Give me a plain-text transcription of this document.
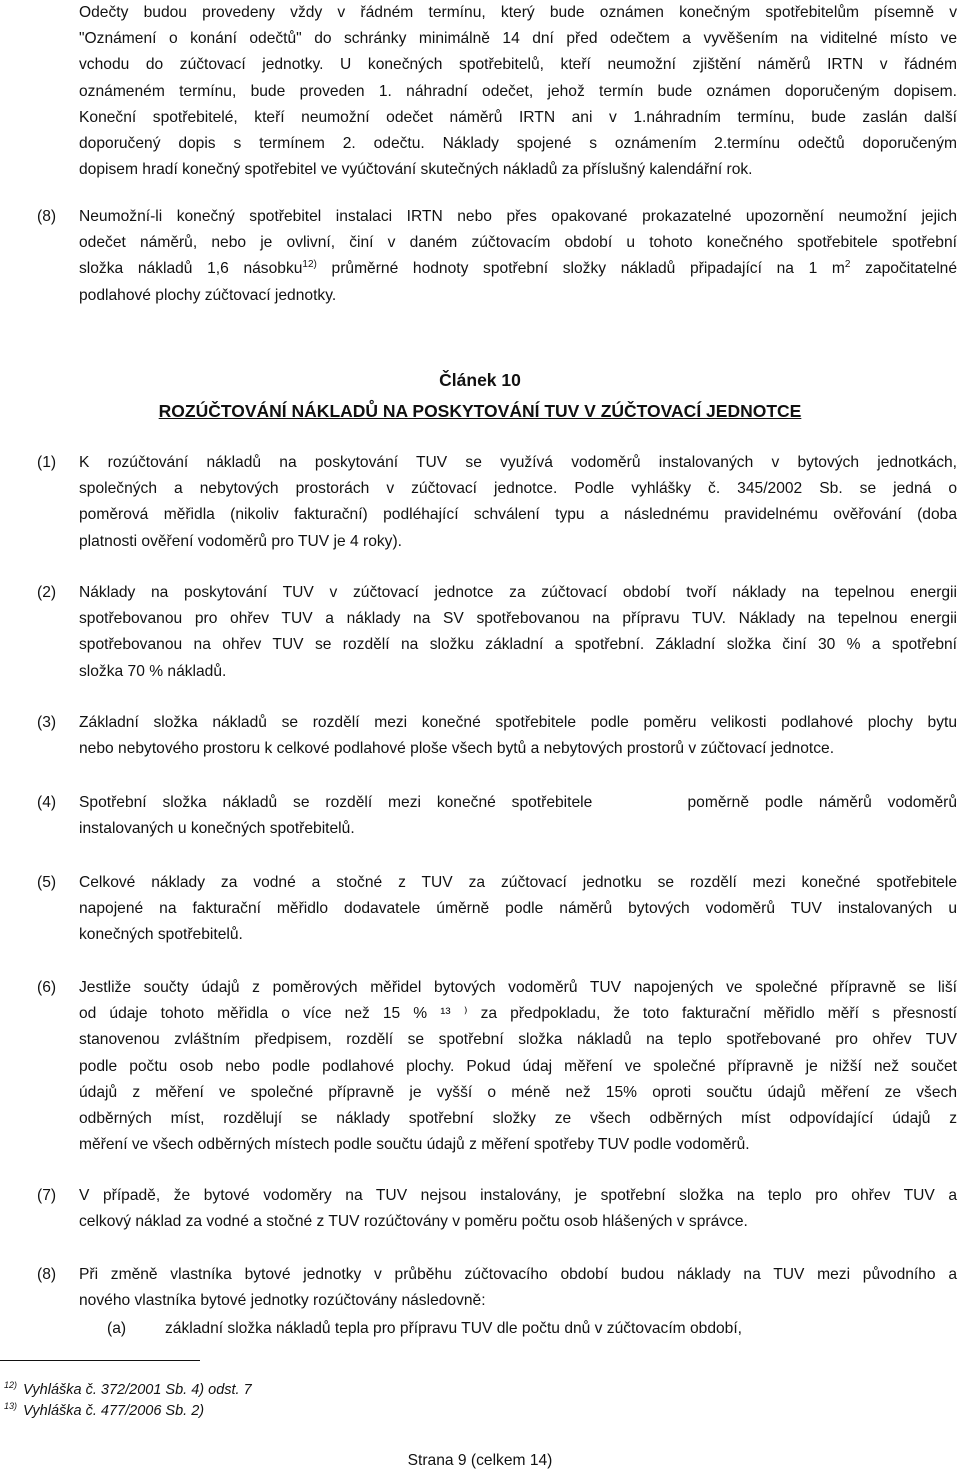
Odečty budou provedeny vždy v řádném termínu, který bude oznámen konečným spotřebitelům písemně v
"Oznámení o konání odečtů" do schránky minimálně 14 dní před odečtem a vyvěšením na viditelné místo ve
vchodu do zúčtovací jednotky. U konečných spotřebitelů, kteří neumožní zjištění náměrů IRTN v řádném
oznámeném termínu, bude proveden 1. náhradní odečet, jehož termín bude oznámen doporučeným dopisem.
Koneční spotřebitelé, kteří neumožní odečet náměrů IRTN ani v 1.náhradním termínu, bude zaslán další
doporučený dopis s termínem 2. odečtu. Náklady spojené s oznámením 2.termínu odečtů doporučeným
dopisem hradí konečný spotřebitel ve vyúčtování skutečných nákladů za příslušný kalendářní rok.
(8)	Neumožní-li konečný spotřebitel instalaci IRTN nebo přes opakované prokazatelné upozornění neumožní jejich
odečet náměrů, nebo je ovlivní, činí v daném zúčtovacím období u tohoto konečného spotřebitele spotřební
složka nákladů 1,6 násobku$^{12)}$ průměrné hodnoty spotřební složky nákladů připadající na 1 $m^2$ započitatelné
podlahové plochy zúčtovací jednotky.
Článek 10
ROZÚČTOVÁNÍ NÁKLADŮ NA POSKYTOVÁNÍ TUV V ZÚČTOVACÍ JEDNOTCE
(1)	K rozúčtování nákladů na poskytování TUV se využívá vodoměrů instalovaných v bytových jednotkách,
společných a nebytových prostorách v zúčtovací jednotce. Podle vyhlášky č. 345/2002 Sb. se jedná o
poměrová měřidla (nikoliv fakturační) podléhající schválení typu a následnému pravidelnému ověřování (doba
platnosti ověření vodoměrů pro TUV je 4 roky).
(2)	Náklady na poskytování TUV v zúčtovací jednotce za zúčtovací období tvoří náklady na tepelnou energii
spotřebovanou pro ohřev TUV a náklady na SV spotřebovanou na přípravu TUV. Náklady na tepelnou energii
spotřebovanou na ohřev TUV se rozdělí na složku základní a spotřební. Základní složka činí 30 % a spotřební
složka 70 % nákladů.
(3)	Základní složka nákladů se rozdělí mezi konečné spotřebitele podle poměru velikosti podlahové plochy bytu
nebo nebytového prostoru k celkové podlahové ploše všech bytů a nebytových prostorů v zúčtovací jednotce.
(4)	Spotřební složka nákladů se rozdělí mezi konečné spotřebitele      poměrně podle náměrů vodoměrů
instalovaných u konečných spotřebitelů.
(5)	Celkové náklady za vodné a stočné z TUV za zúčtovací jednotku se rozdělí mezi konečné spotřebitele
napojené na fakturační měřidlo dodavatele úměrně podle náměrů bytových vodoměrů TUV instalovaných u
konečných spotřebitelů.
(6)	Jestliže součty údajů z poměrových měřidel bytových vodoměrů TUV napojených ve společné přípravně se liší
od údaje tohoto měřidla o více než 15 % ¹³ ⁾ za předpokladu, že toto fakturační měřidlo měří s přesností
stanovenou zvláštním předpisem, rozdělí se spotřební složka nákladů na teplo spotřebované pro ohřev TUV
podle počtu osob nebo podle podlahové plochy. Pokud údaj měření ve společné přípravně je nižší než součet
údajů z měření ve společné přípravně je vyšší o méně než 15% oproti součtu údajů měření ze všech
odběrných míst, rozdělují se náklady spotřební složky ze všech odběrných míst odpovídající údajů z
měření ve všech odběrných místech podle součtu údajů z měření spotřeby TUV podle vodoměrů.
(7)	V případě, že bytové vodoměry na TUV nejsou instalovány, je spotřební složka na teplo pro ohřev TUV a
celkový náklad za vodné a stočné z TUV rozúčtovány v poměru počtu osob hlášených v správce.
(8)	Při změně vlastníka bytové jednotky v průběhu zúčtovacího období budou náklady na TUV mezi původního a
nového vlastníka bytové jednotky rozúčtovány následovně:
(a) základní složka nákladů tepla pro přípravu TUV dle počtu dnů v zúčtovacím období,
$^{12)}$ Vyhláška č. 372/2001 Sb. 4) odst. 7
$^{13)}$ Vyhláška č. 477/2006 Sb. 2)
Strana 9 (celkem 14)
